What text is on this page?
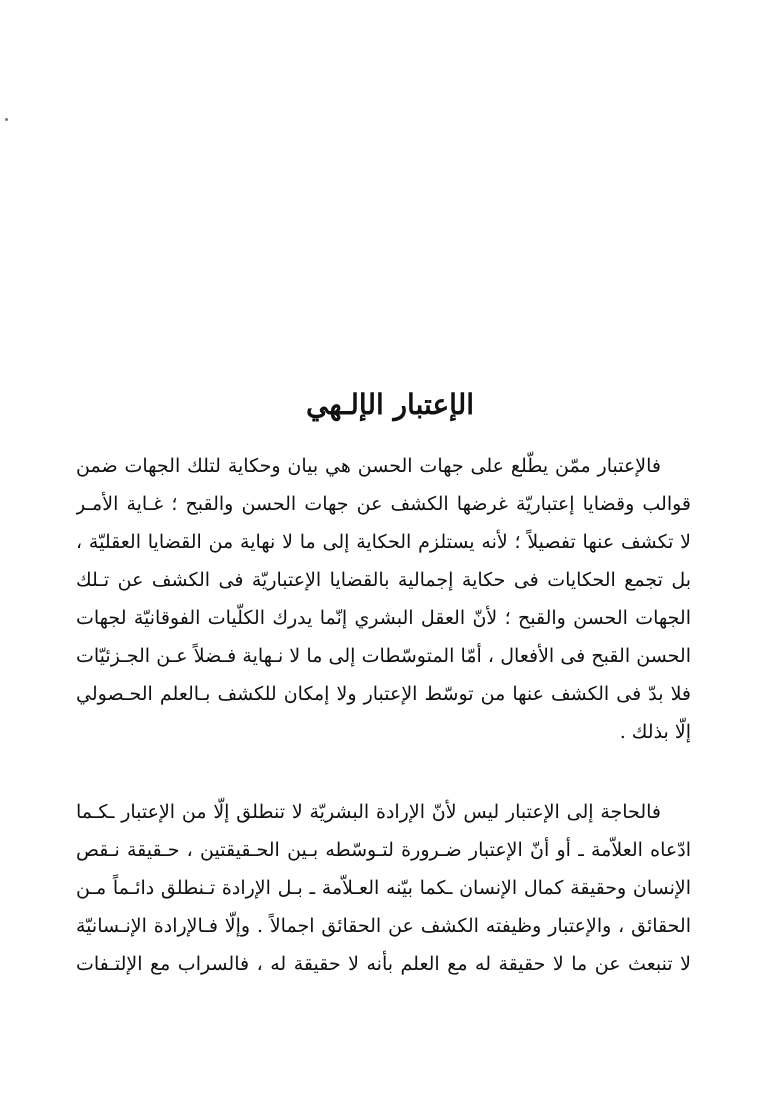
الإعتبار الإلـهي
فالإعتبار ممّن يطّلع على جهات الحسن هي بيان وحكاية لتلك الجهات ضمن
قوالب وقضايا إعتباريّة غرضها الكشف عن جهات الحسن والقبح ؛ غـاية الأمـر
لا تكشف عنها تفصيلاً ؛ لأنه يستلزم الحكاية إلى ما لا نهاية من القضايا العقليّة ،
بل تجمع الحكايات فى حكاية إجمالية بالقضايا الإعتباريّة فى الكشف عن تـلك
الجهات الحسن والقبح ؛ لأنّ العقل البشري إنّما يدرك الكلّيات الفوقانيّة لجهات
الحسن القبح فى الأفعال ، أمّا المتوسّطات إلى ما لا نـهاية فـضلاً عـن الجـزئيّات
فلا بدّ فى الكشف عنها من توسّط الإعتبار ولا إمكان للكشف بـالعلم الحـصولي
إلّا بذلك .
فالحاجة إلى الإعتبار ليس لأنّ الإرادة البشريّة لا تنطلق إلّا من الإعتبار ـكـما
ادّعاه العلاّمة ـ أو أنّ الإعتبار ضـرورة لتـوسّطه بـين الحـقيقتين ، حـقيقة نـقص
الإنسان وحقيقة كمال الإنسان ـكما بيّنه العـلاّمة ـ بـل الإرادة تـنطلق دائـماً مـن
الحقائق ، والإعتبار وظيفته الكشف عن الحقائق اجمالاً . وإلّا فـالإرادة الإنـسانيّة
لا تنبعث عن ما لا حقيقة له مع العلم بأنه لا حقيقة له ، فالسراب مع الإلتـفات
